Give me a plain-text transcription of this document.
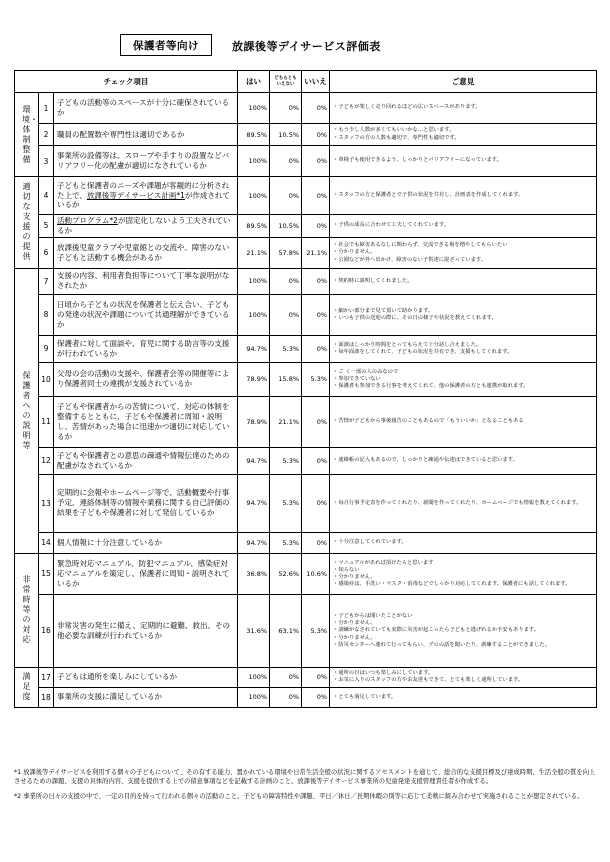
保護者等向け	放課後等デイサービス評価表
チェック項目			はい	どちらとも
いえない	いいえ	ご意見
環境・体制整備	1	子どもの活動等のスペースが十分に確保されているか	100%	0%	0%	・子どもが楽しく走り回れるほどの広いスペースがあります。

	2	職員の配置数や専門性は適切であるか	89.5%	10.5%	0%	・もう少し人数が多くてもいいかな…と思います。
・スタッフの方の人数も適切で、専門性も適切です。

	3	事業所の設備等は、スロープや手すりの設置などバリアフリー化の配慮が適切になされているか	100%	0%	0%	・車椅子も使用できるよう、しっかりとバリアフリーになっています。

適切な支援の提供	4	子どもと保護者のニーズや課題が客観的に分析された上で、放課後等デイサービス計画*1が作成されているか	100%	0%	0%	・スタッフの方と保護者とで子供の状況を共有し、計画表を作成してくれます。

	5	活動プログラム*2が固定化しないよう工夫されているか	89.5%	10.5%	0%	・子供の成長に合わせて工夫してくれています。

	6	放課後児童クラブや児童館との交流や、障害のない子どもと活動する機会があるか	21.1%	57.8%	21.1%	・社会でも障害あるなしに関わらず、交流できる場を増やしてもらいたい
・分かりません。
・公園などが外へ出かけ、障害のない子供達に混ざっています。

保護者への説明等	7	支援の内容、利用者負担等について丁寧な説明がなされたか	100%	0%	0%	・契約時に説明してくれました。

	8	日頃から子どもの状況を保護者と伝え合い、子どもの発達の状況や課題について共通理解ができているか	100%	0%	0%	・細かい部分まで見て頂いて助かります。
・いつも子供の送迎の際に、その日の様子や状況を教えてくれます。

	9	保護者に対して面談や、育児に関する助言等の支援が行われているか	94.7%	5.3%	0%	・面談はしっかり時間をとってもらえて十分話し合えました。
・毎年面談をしてくれて、子どもの状況を共有でき、支援もしてくれます。

	10	父母の会の活動の支援や、保護者会等の開催等により保護者同士の連携が支援されているか	78.9%	15.8%	5.3%	・ご く一部の人のみなので
・参加できていない
・保護者も参加できる行事を考えてくれて、他の保護者の方とも連携が取れます。

	11	子どもや保護者からの苦情について、対応の体制を整備するとともに、子どもや保護者に周知・説明し、苦情があった場合に迅速かつ適切に対応しているか	78.9%	21.1%	0%	・苦情が子どもから事後報告のこともあるので「もういいか」となることもある

	12	子どもや保護者との意思の疎通や情報伝達のための配慮がなされているか	94.7%	5.3%	0%	・連絡帳の記入もあるので、しっかりと疎通や伝達はできていると思います。

	13	定期的に会報やホームページ等で、活動概要や行事予定、連絡体制等の情報や業務に関する自己評価の結果を子どもや保護者に対して発信しているか	94.7%	5.3%	0%	・毎月行事予定表を作ってくれたり、新聞を作ってくれたり、ホームページでも情報を教えてくれます。

	14	個人情報に十分注意しているか	94.7%	5.3%	0%	・十分注意してくれています。

非常時等の対応	15	緊急時対応マニュアル、防犯マニュアル、感染症対応マニュアルを策定し、保護者に周知・説明されているか	36.8%	52.6%	10.6%	・マニュアルがあれば頂けたらと思います
・知らない
・分かりません。
・感染症は、手洗い・マスク・消毒などでしっかり対応してくれます。保護者にも話してくれます。

	16	非常災害の発生に備え、定期的に避難、救出、その他必要な訓練が行われているか	31.6%	63.1%	5.3%	・子どもからは聞いたことがない
・分かりません。
・訓練がなされていても実際に災害が起こったら子どもと逃げれるか不安もあります。
・分かりません。
・防災センターへ連れて行ってもらい、プロの話を聞いたり、訓練することができました。

満足度	17	子どもは通所を楽しみにしているか	100%	0%	0%	・通所の日はいつも楽しみにしています。
・お気に入りのスタッフの方やお友達もできて、とても楽しく通所しています。

	18	事業所の支援に満足しているか	100%	0%	0%	・とても満足しています。

*1 放課後等デイサービスを利用する個々の子どもについて、その有する能力、置かれている環境や日常生活全般の状況に関するアセスメントを通じて、総合的な支援目標及び達成時期、生活全般の質を向上させるための課題、支援の具体的内容、支援を提供する上での留意事項などを記載する計画のこと。放課後等デイサービス事業所の児童発達支援管理責任者が作成する。

*2 事業所の日々の支援の中で、一定の目的を持って行われる個々の活動のこと。子どもの障害特性や課題、平日／休日／長期休暇の別等に応じて柔軟に組み合わせて実施されることが想定されている。
